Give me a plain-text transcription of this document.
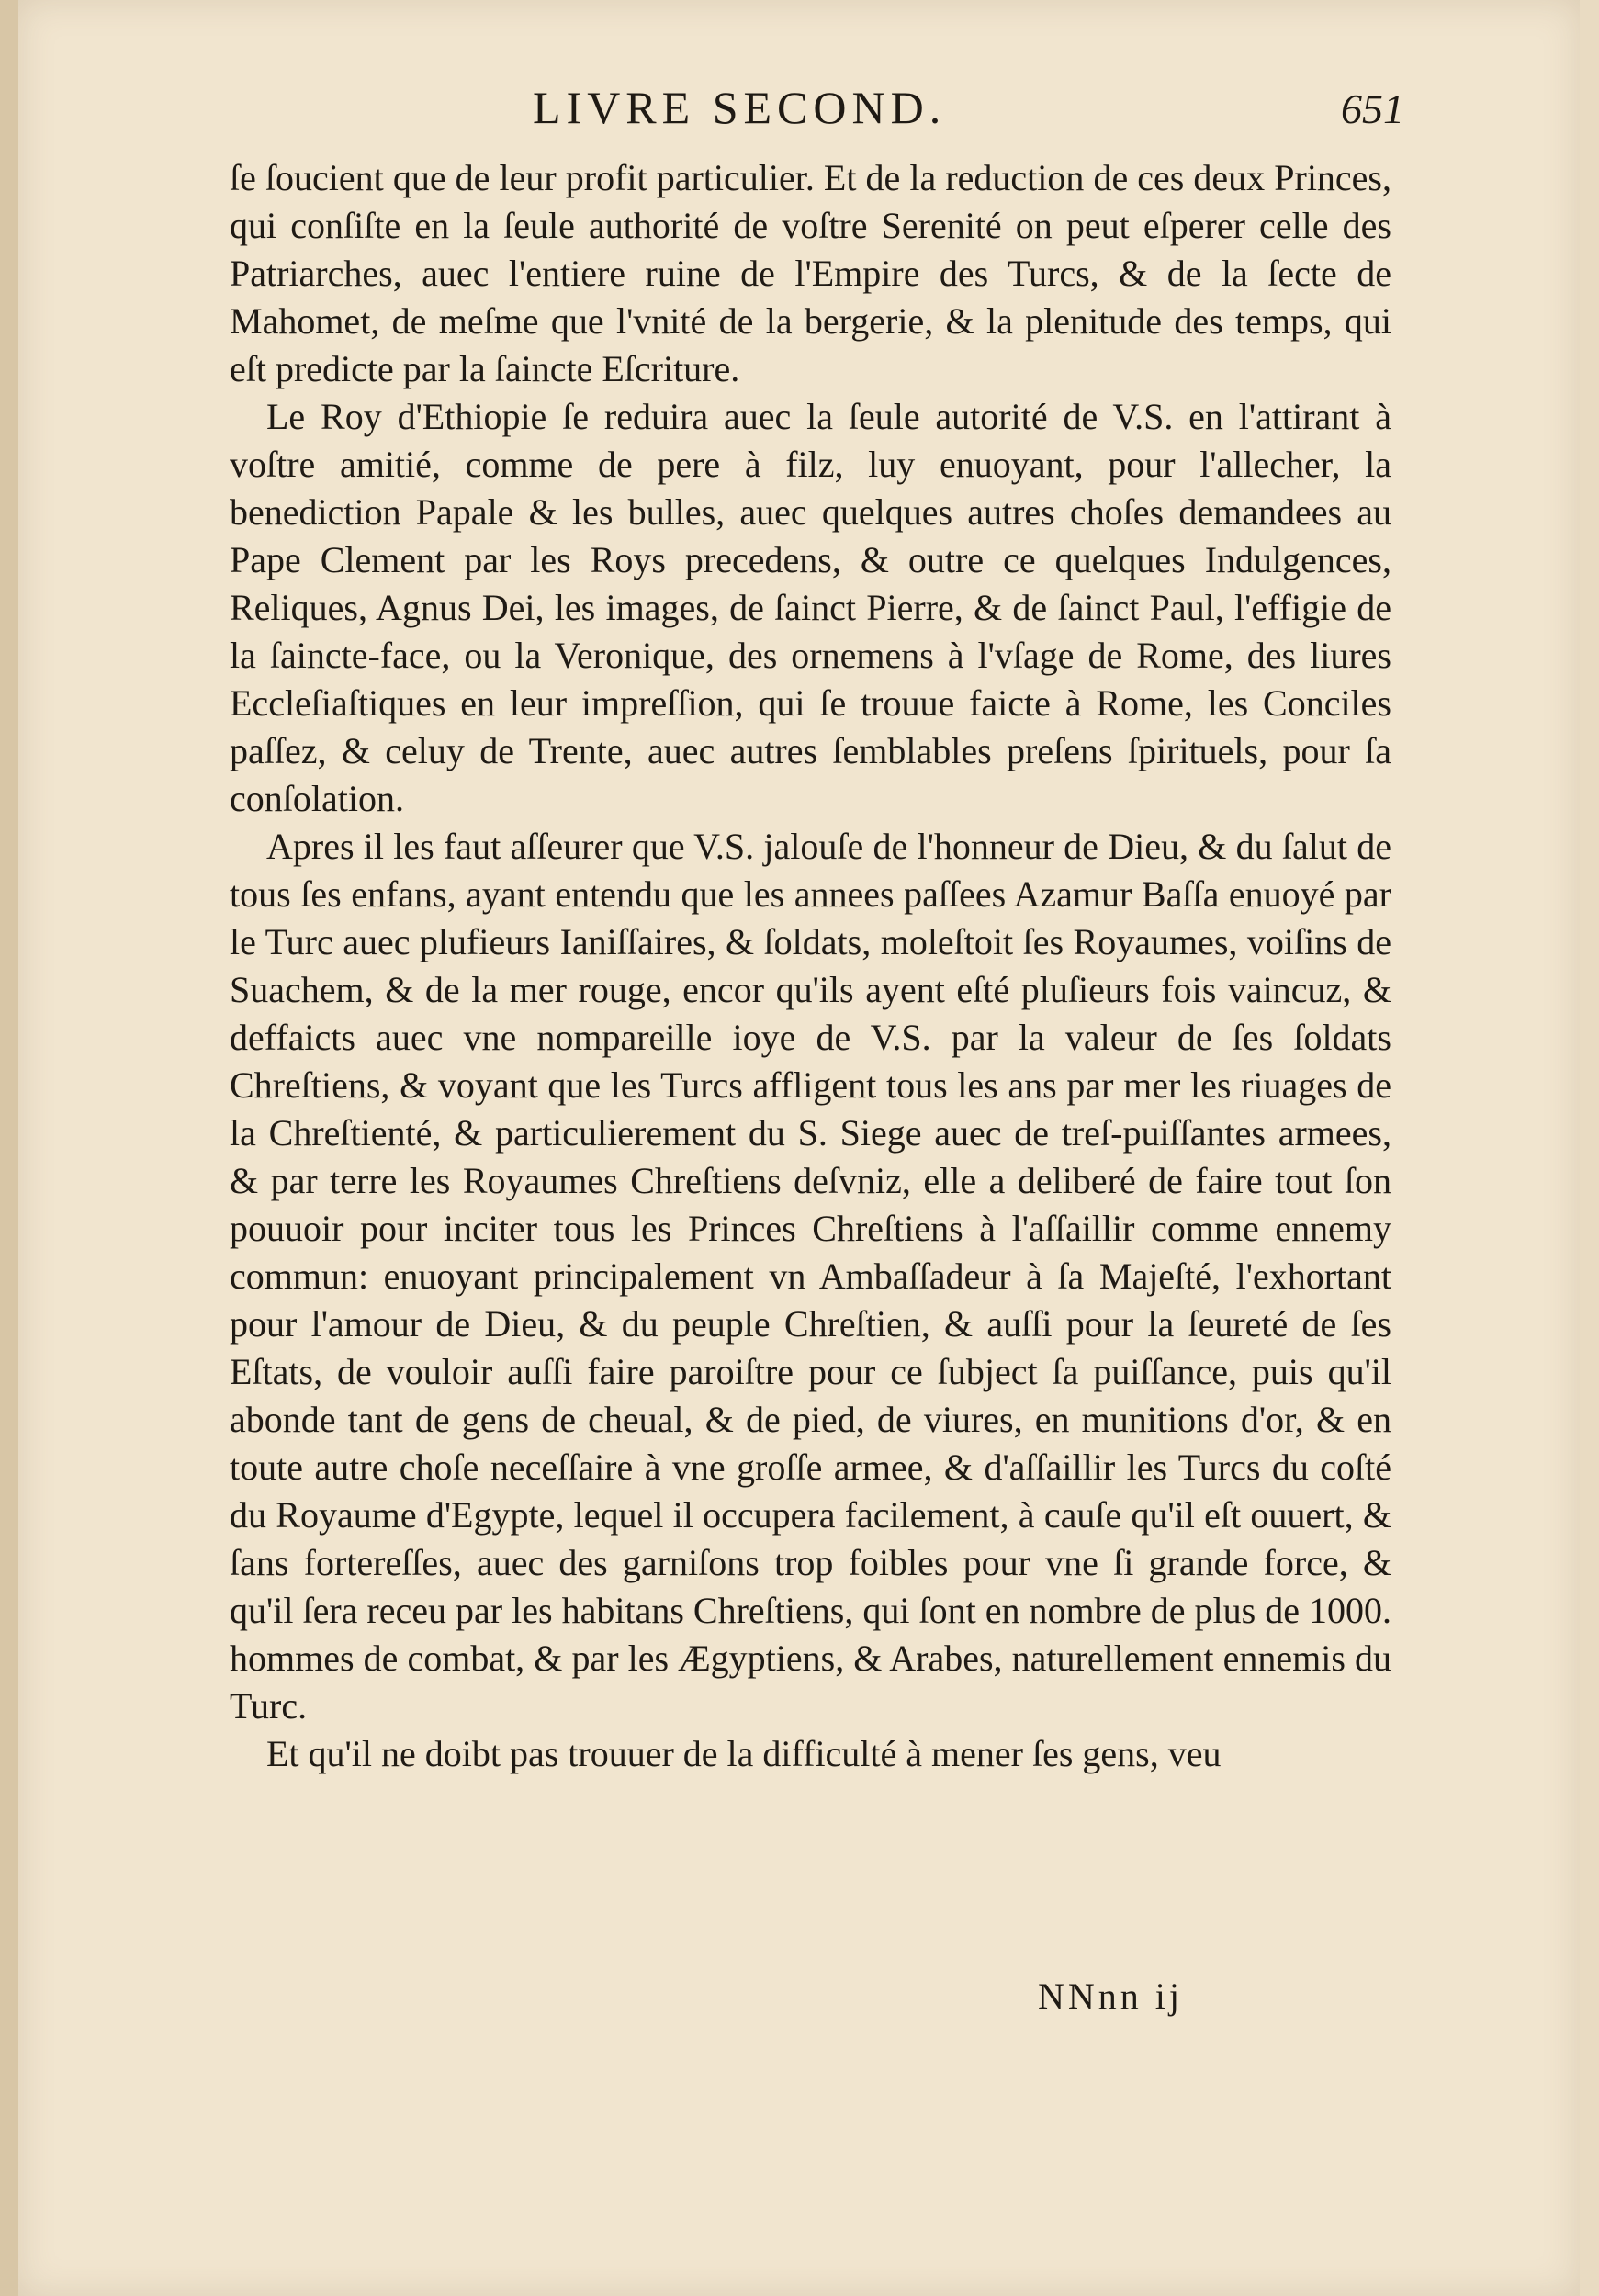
LIVRE SECOND.	651

ſe ſoucient que de leur profit particulier. Et de la reduction de ces deux Princes, qui conſiſte en la ſeule authorité de voſtre Serenité on peut eſperer celle des Patriarches, auec l'entiere ruine de l'Empire des Turcs, & de la ſecte de Mahomet, de meſme que l'vnité de la bergerie, & la plenitude des temps, qui eſt predicte par la ſaincte Eſcriture.

Le Roy d'Ethiopie ſe reduira auec la ſeule autorité de V.S. en l'attirant à voſtre amitié, comme de pere à filz, luy enuoyant, pour l'allecher, la benediction Papale & les bulles, auec quelques autres choſes demandees au Pape Clement par les Roys precedens, & outre ce quelques Indulgences, Reliques, Agnus Dei, les images, de ſainct Pierre, & de ſainct Paul, l'effigie de la ſaincte-face, ou la Veronique, des ornemens à l'vſage de Rome, des liures Eccleſiaſtiques en leur impreſſion, qui ſe trouue faicte à Rome, les Conciles paſſez, & celuy de Trente, auec autres ſemblables preſens ſpirituels, pour ſa conſolation.

Apres il les faut aſſeurer que V.S. jalouſe de l'honneur de Dieu, & du ſalut de tous ſes enfans, ayant entendu que les annees paſſees Azamur Baſſa enuoyé par le Turc auec plufieurs Ianiſſaires, & ſoldats, moleſtoit ſes Royaumes, voiſins de Suachem, & de la mer rouge, encor qu'ils ayent eſté pluſieurs fois vaincuz, & deffaicts auec vne nompareille ioye de V.S. par la valeur de ſes ſoldats Chreſtiens, & voyant que les Turcs affligent tous les ans par mer les riuages de la Chreſtienté, & particulierement du S. Siege auec de treſ-puiſſantes armees, & par terre les Royaumes Chreſtiens deſvniz, elle a deliberé de faire tout ſon pouuoir pour inciter tous les Princes Chreſtiens à l'aſſaillir comme ennemy commun: enuoyant principalement vn Ambaſſadeur à ſa Majeſté, l'exhortant pour l'amour de Dieu, & du peuple Chreſtien, & auſſi pour la ſeureté de ſes Eſtats, de vouloir auſſi faire paroiſtre pour ce ſubject ſa puiſſance, puis qu'il abonde tant de gens de cheual, & de pied, de viures, en munitions d'or, & en toute autre choſe neceſſaire à vne groſſe armee, & d'aſſaillir les Turcs du coſté du Royaume d'Egypte, lequel il occupera facilement, à cauſe qu'il eſt ouuert, & ſans fortereſſes, auec des garniſons trop foibles pour vne ſi grande force, & qu'il ſera receu par les habitans Chreſtiens, qui ſont en nombre de plus de 1000. hommes de combat, & par les Ægyptiens, & Arabes, naturellement ennemis du Turc.

Et qu'il ne doibt pas trouuer de la difficulté à mener ſes gens, veu

NNnn ij
